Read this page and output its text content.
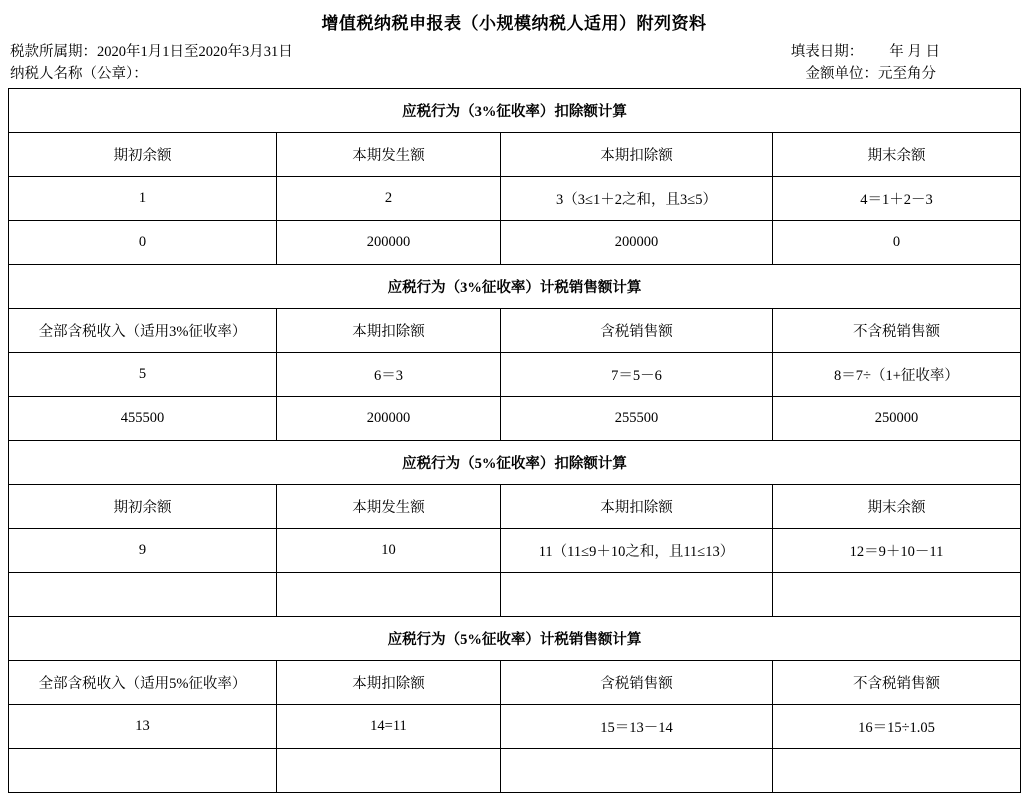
增值税纳税申报表（小规模纳税人适用）附列资料
税款所属期：2020年1月1日至2020年3月31日	填表日期： 年 月 日
纳税人名称（公章）：	金额单位：元至角分
应税行为（3%征收率）扣除额计算			
期初余额	本期发生额	本期扣除额	期末余额
1	2	3（3≤1＋2之和，且3≤5）	4＝1＋2－3
0	200000	200000	0
应税行为（3%征收率）计税销售额计算			
全部含税收入（适用3%征收率）	本期扣除额	含税销售额	不含税销售额
5	6＝3	7＝5－6	8＝7÷（1+征收率）
455500	200000	255500	250000
应税行为（5%征收率）扣除额计算			
期初余额	本期发生额	本期扣除额	期末余额
9	10	11（11≤9＋10之和，且11≤13）	12＝9＋10－11

应税行为（5%征收率）计税销售额计算			
全部含税收入（适用5%征收率）	本期扣除额	含税销售额	不含税销售额
13	14=11	15＝13－14	16＝15÷1.05
